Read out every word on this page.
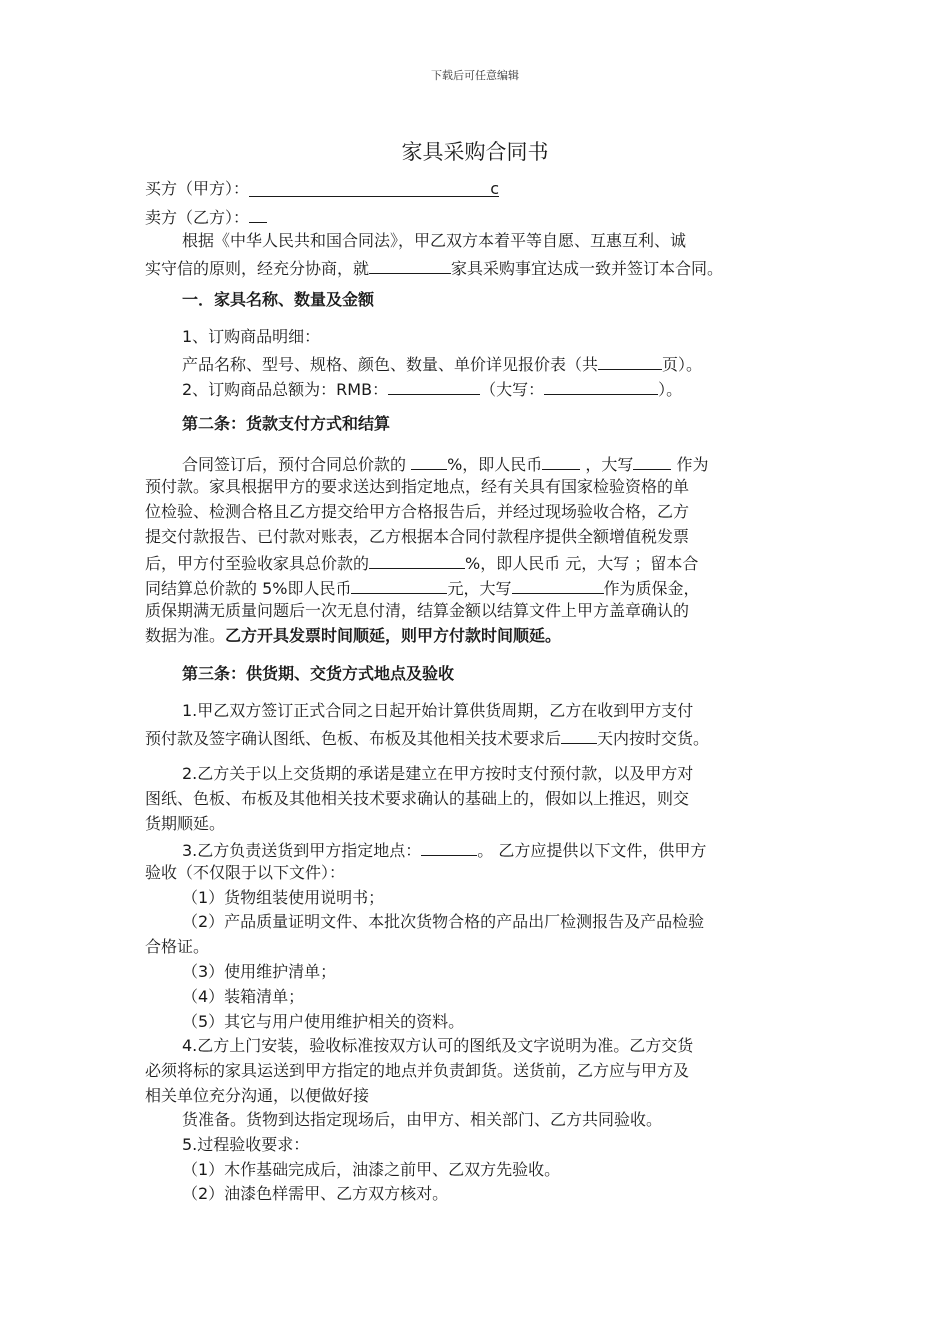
下载后可任意编辑
家具采购合同书
买方（甲方）：	c
卖方（乙方）：
根据《中华人民共和国合同法》，甲乙双方本着平等自愿、互惠互利、诚
实守信的原则，经充分协商，就	家具采购事宜达成一致并签订本合同。
一．家具名称、数量及金额
1、订购商品明细：
产品名称、型号、规格、颜色、数量、单价详见报价表（共	页）。
2、订购商品总额为：RMB：	（大写：	）。
第二条：货款支付方式和结算
合同签订后，预付合同总价款的 %，即人民币 ，大写 作为
预付款。家具根据甲方的要求送达到指定地点，经有关具有国家检验资格的单
位检验、检测合格且乙方提交给甲方合格报告后，并经过现场验收合格，乙方
提交付款报告、已付款对账表，乙方根据本合同付款程序提供全额增值税发票
后，甲方付至验收家具总价款的	%，即人民币 元，大写 ；留本合
同结算总价款的 5%即人民币	元，大写	作为质保金，
质保期满无质量问题后一次无息付清，结算金额以结算文件上甲方盖章确认的
数据为准。乙方开具发票时间顺延，则甲方付款时间顺延。
第三条：供货期、交货方式地点及验收
1.甲乙双方签订正式合同之日起开始计算供货周期，乙方在收到甲方支付
预付款及签字确认图纸、色板、布板及其他相关技术要求后 天内按时交货。
2.乙方关于以上交货期的承诺是建立在甲方按时支付预付款，以及甲方对
图纸、色板、布板及其他相关技术要求确认的基础上的，假如以上推迟，则交
货期顺延。
3.乙方负责送货到甲方指定地点：	。 乙方应提供以下文件，供甲方
验收（不仅限于以下文件）：
（1）货物组装使用说明书；
（2）产品质量证明文件、本批次货物合格的产品出厂检测报告及产品检验
合格证。
（3）使用维护清单；
（4）装箱清单；
（5）其它与用户使用维护相关的资料。
4.乙方上门安装，验收标准按双方认可的图纸及文字说明为准。乙方交货
必须将标的家具运送到甲方指定的地点并负责卸货。送货前，乙方应与甲方及
相关单位充分沟通，以便做好接
货准备。货物到达指定现场后，由甲方、相关部门、乙方共同验收。
5.过程验收要求：
（1）木作基础完成后，油漆之前甲、乙双方先验收。
（2）油漆色样需甲、乙方双方核对。
